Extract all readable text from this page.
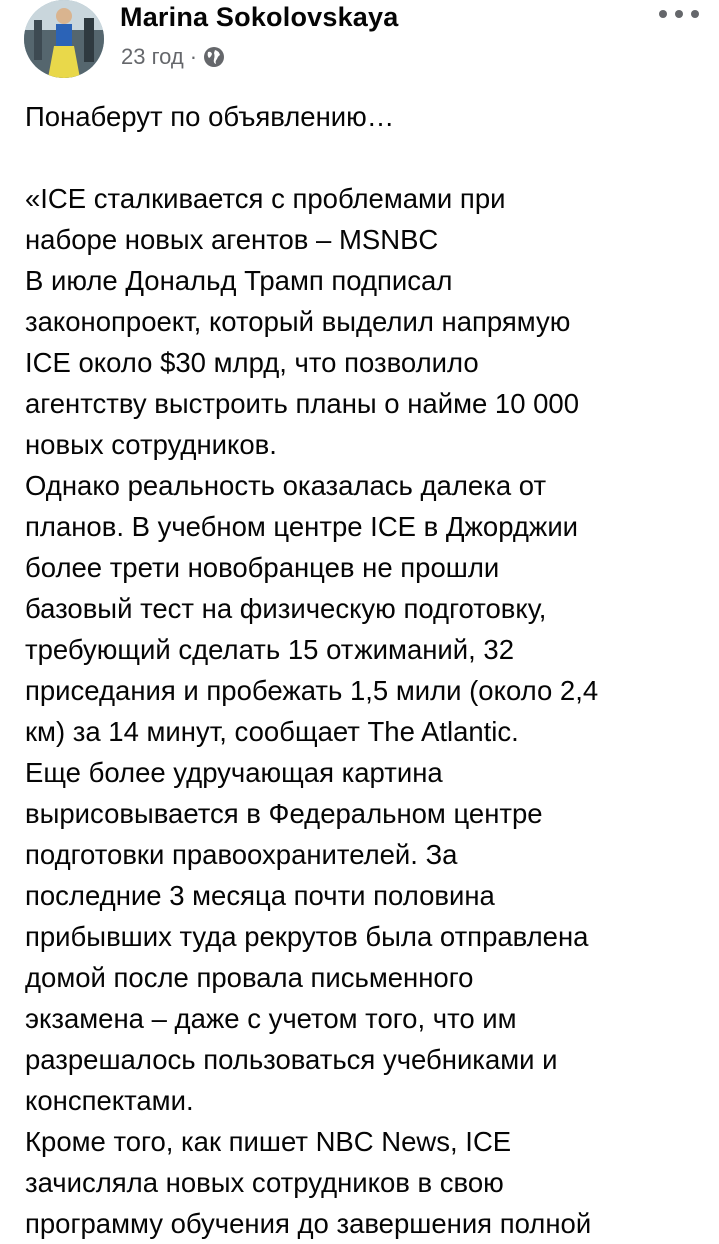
Marina Sokolovskaya
23 год ·

Понаберут по объявлению…

«ICE сталкивается с проблемами при

наборе новых агентов – MSNBC

В июле Дональд Трамп подписал

законопроект, который выделил напрямую

ICE около $30 млрд, что позволило

агентству выстроить планы о найме 10 000

новых сотрудников.

Однако реальность оказалась далека от

планов. В учебном центре ICE в Джорджии

более трети новобранцев не прошли

базовый тест на физическую подготовку,

требующий сделать 15 отжиманий, 32

приседания и пробежать 1,5 мили (около 2,4

км) за 14 минут, сообщает The Atlantic.

Еще более удручающая картина

вырисовывается в Федеральном центре

подготовки правоохранителей. За

последние 3 месяца почти половина

прибывших туда рекрутов была отправлена

домой после провала письменного

экзамена – даже с учетом того, что им

разрешалось пользоваться учебниками и

конспектами.

Кроме того, как пишет NBC News, ICE

зачисляла новых сотрудников в свою

программу обучения до завершения полной
